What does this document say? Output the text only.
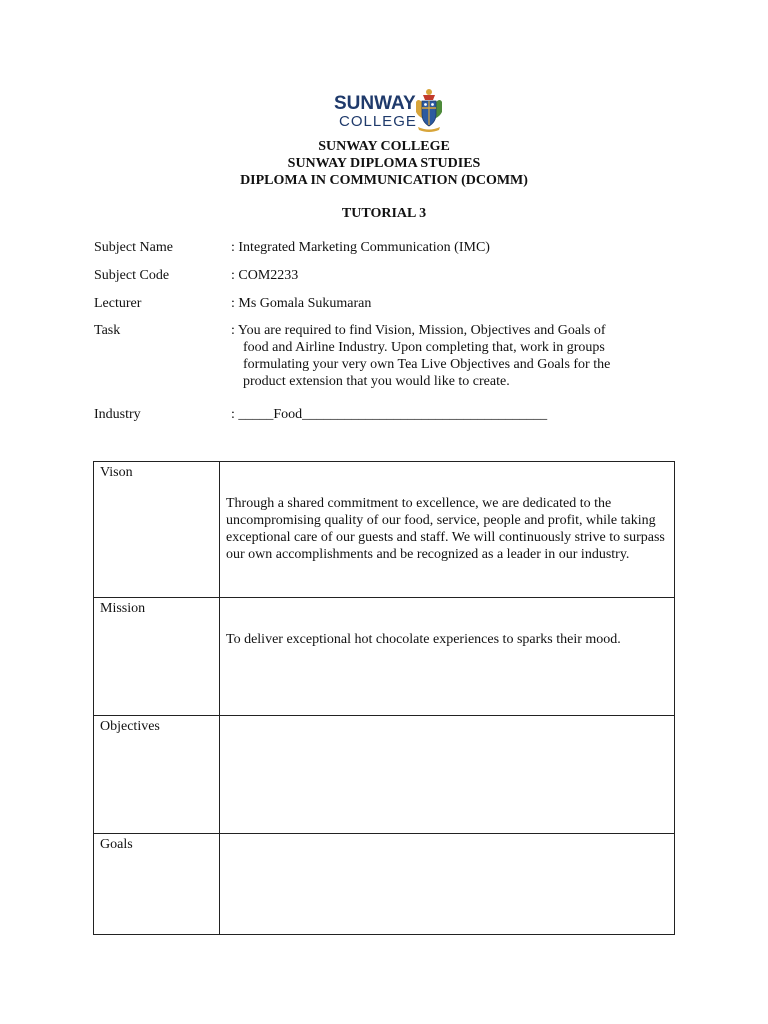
SUNWAY
COLLEGE
SUNWAY COLLEGE
SUNWAY DIPLOMA STUDIES
DIPLOMA IN COMMUNICATION (DCOMM)
TUTORIAL 3
Subject Name	: Integrated Marketing Communication (IMC)
Subject Code	: COM2233
Lecturer	: Ms Gomala Sukumaran
Task	: You are required to find Vision, Mission, Objectives and Goals of
food and Airline Industry. Upon completing that, work in groups
formulating your very own Tea Live Objectives and Goals for the
product extension that you would like to create.
Industry	: _____Food___________________________________
Vison	Through a shared commitment to excellence, we are dedicated to the uncompromising quality of our food, service, people and profit, while taking exceptional care of our guests and staff. We will continuously strive to surpass our own accomplishments and be recognized as a leader in our industry.

Mission	To deliver exceptional hot chocolate experiences to sparks their mood.

Objectives	

Goals	
